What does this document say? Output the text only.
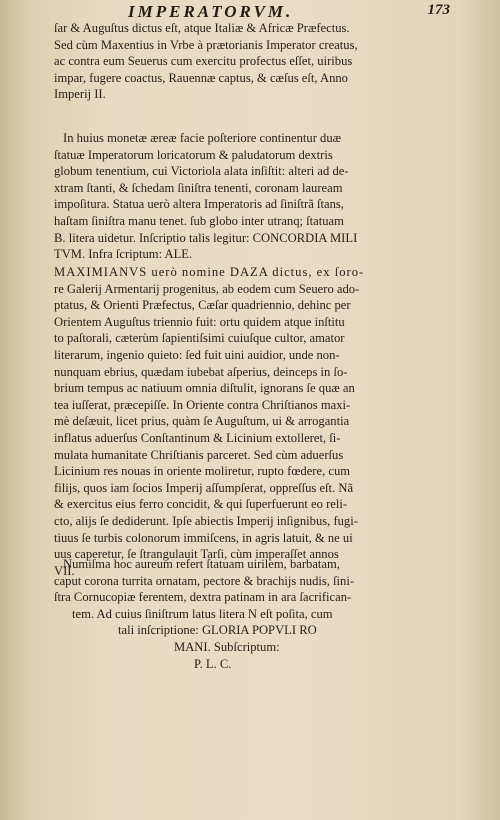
IMPERATORVM.	173
ſar & Auguſtus dictus eſt, atque Italiæ & Africæ Præfectus.
Sed cùm Maxentius in Vrbe à prætorianis Imperator creatus,
ac contra eum Seuerus cum exercitu profectus eſſet, uiribus
impar, fugere coactus, Rauennæ captus, & cæſus eſt, Anno
Imperij II.
In huius monetæ æreæ facie poſteriore continentur duæ
ſtatuæ Imperatorum loricatorum & paludatorum dextris
globum tenentium, cui Victoriola alata inſiſtit: alteri ad de-
xtram ſtanti, & ſchedam ſiniſtra tenenti, coronam lauream
impoſitura. Statua uerò altera Imperatoris ad ſiniſtrã ſtans,
haſtam ſiniſtra manu tenet. ſub globo inter utranq; ſtatuam
B. litera uidetur. Inſcriptio talis legitur: CONCORDIA MILI
TVM. Infra ſcriptum: ALE.
MAXIMIANVS uerò nomine DAZA dictus, ex ſoro-
re Galerij Armentarij progenitus, ab eodem cum Seuero ado-
ptatus, & Orienti Præfectus, Cæſar quadriennio, dehinc per
Orientem Auguſtus triennio fuit: ortu quidem atque inſtitu
to paſtorali, cæterùm ſapientiſsimi cuiuſque cultor, amator
literarum, ingenio quieto: ſed fuit uini auidior, unde non-
nunquam ebrius, quædam iubebat aſperius, deinceps in ſo-
brium tempus ac natiuum omnia diſtulit, ignorans ſe quæ an
tea iuſſerat, præcepiſſe. In Oriente contra Chriſtianos maxi-
mè deſæuit, licet prius, quàm ſe Auguſtum, ui & arrogantia
inflatus aduerſus Conſtantinum & Licinium extolleret, ſi-
mulata humanitate Chriſtianis parceret. Sed cùm aduerſus
Licinium res nouas in oriente moliretur, rupto fœdere, cum
filijs, quos iam ſocios Imperij aſſumpſerat, oppreſſus eſt. Nã
& exercitus eius ferro concidit, & qui ſuperfuerunt eo reli-
cto, alijs ſe dediderunt. Ipſe abiectis Imperij inſignibus, fugi-
tiuus ſe turbis colonorum immiſcens, in agris latuit, & ne ui
uus caperetur, ſe ſtrangulauit Tarſi, cùm imperaſſet annos
VII.
Numiſma hoc aureum refert ſtatuam uirilem, barbatam,
caput corona turrita ornatam, pectore & brachijs nudis, ſini-
ſtra Cornucopiæ ferentem, dextra patinam in ara ſacrifican-
tem. Ad cuius ſiniſtrum latus litera N eſt poſita, cum
tali inſcriptione: GLORIA POPVLI RO
MANI. Subſcriptum:
P. L. C.
